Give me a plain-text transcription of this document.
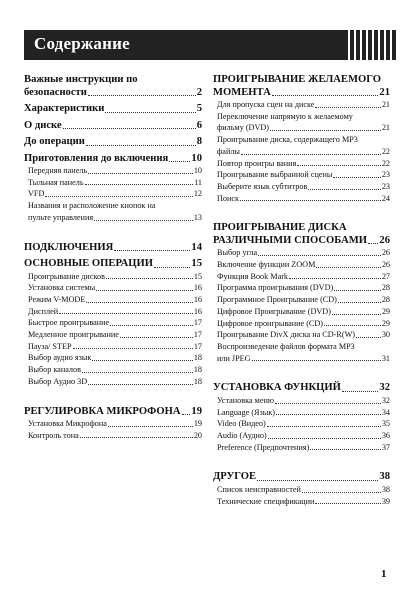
Содержание
Важные инструкции по
безопасности	2
Характеристики	5
О диске	6
До операции	8
Приготовления до включения 10
Передняя панель	10
Тыльная панель	11
VFD	12
Названия и расположение кнопок на
пульте управления	13
ПОДКЛЮЧЕНИЯ	14
ОСНОВНЫЕ ОПЕРАЦИИ	15
Проигрывание дисков	15
Установка системы	16
Режим V-MODE	16
Дисплей	16
Быстрое проигрывание	17
Медленное проигрывание	17
Пауза/ STEP	17
Выбор аудио язык	18
Выбор каналов	18
Выбор Аудио 3D	18
РЕГУЛИРОВКА МИКРОФОНА 19
Установка Микрофона	19
Контроль тона	20
ПРОИГРЫВАНИЕ ЖЕЛАЕМОГО
МОМЕНТА	21
Для пропуска сцен на диске	21
Переключение напрямую к желаемому
фильму (DVD)	21
Проигрывание диска, содержащего MP3
файлы	22
Повтор проигры вания	22
Проигрывание выбранной сцены	23
Выберите язык субтитров	23
Поиск	24
ПРОИГРЫВАНИЕ ДИСКА
РАЗЛИЧНЫМИ СПОСОБАМИ 26
Выбор угла	26
Включение функции ZOOM	26
Функция Book Mark	27
Программа проигрывания (DVD)	28
Программное Проигрывание (CD)	28
Цифровое Проигрывание (DVD)	29
Цифровое проигрывание (CD)	29
Проигрывание DivX диска на CD-R(W)	30
Воспроизведение файлов формата MP3
или JPEG	31
УСТАНОВКА ФУНКЦИЙ	32
Установка меню	32
Language (Язык)	34
Video (Видео)	35
Audio (Аудио)	36
Preference (Предпочтения)	37
ДРУГОЕ	38
Список неисправностей	38
Технические спецификации	39
1
